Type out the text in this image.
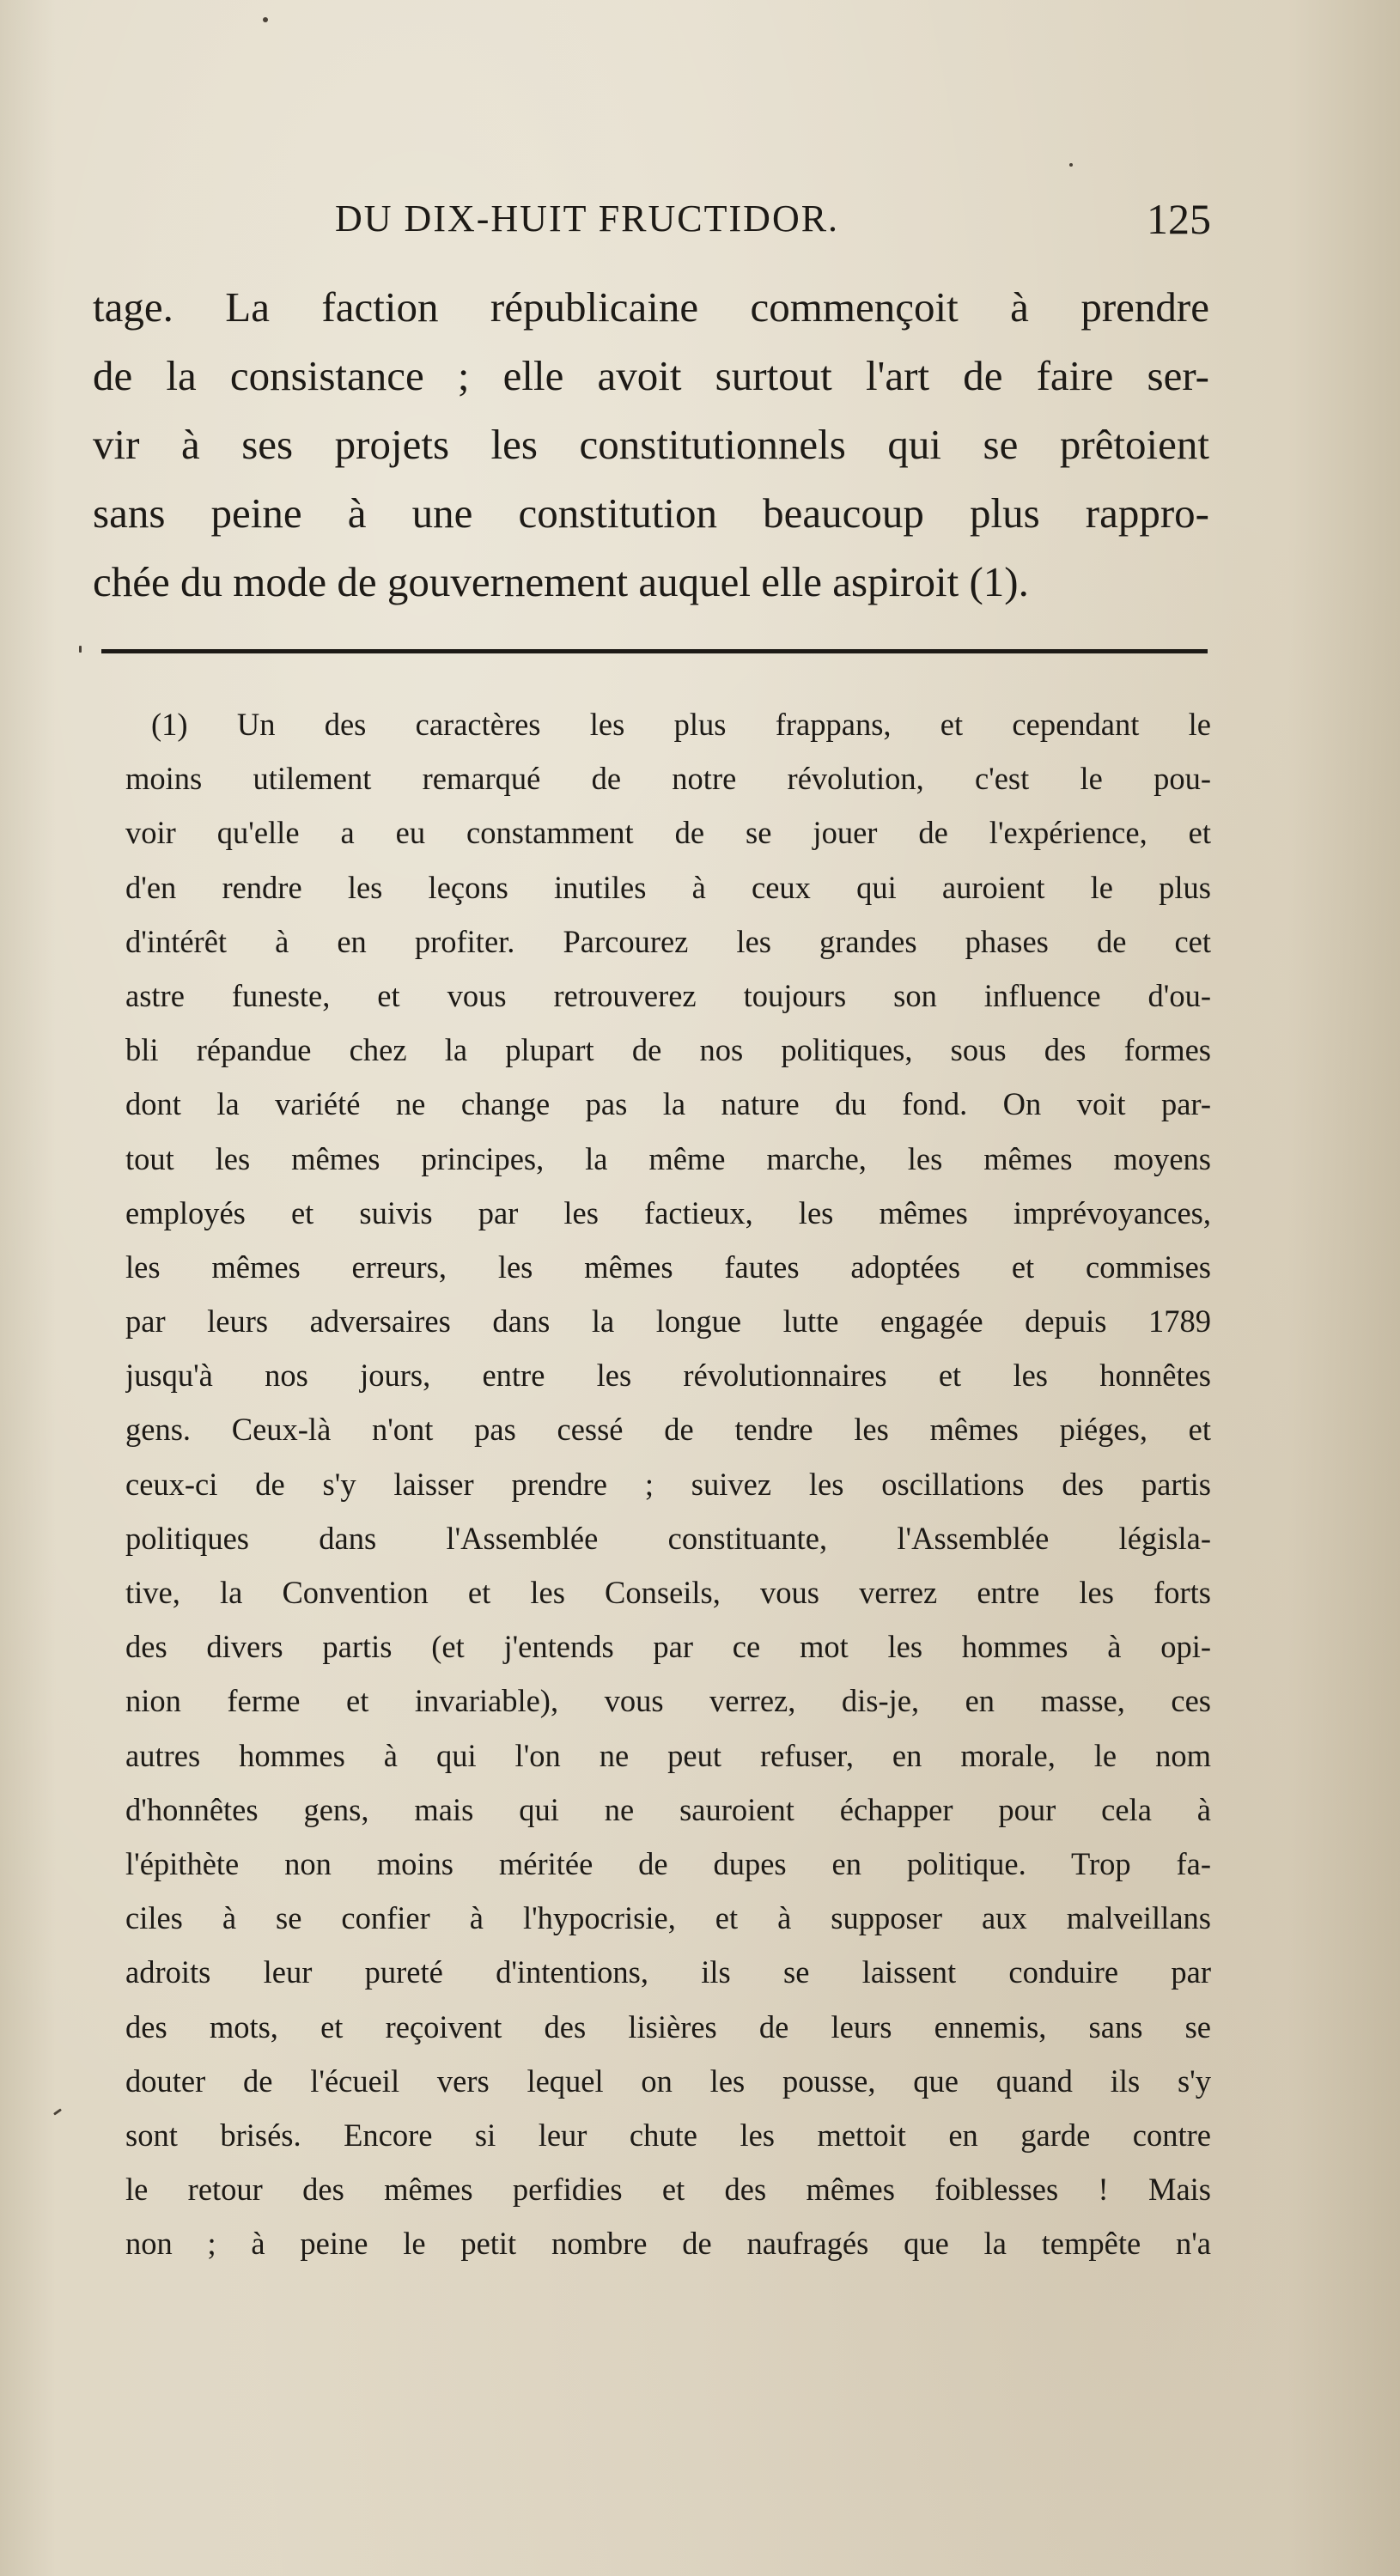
DU DIX-HUIT FRUCTIDOR.	125
tage. La faction républicaine commençoit à prendre
de la consistance ; elle avoit surtout l'art de faire ser-
vir à ses projets les constitutionnels qui se prêtoient
sans peine à une constitution beaucoup plus rappro-
chée du mode de gouvernement auquel elle aspiroit (1).
(1) Un des caractères les plus frappans, et cependant le
moins utilement remarqué de notre révolution, c'est le pou-
voir qu'elle a eu constamment de se jouer de l'expérience, et
d'en rendre les leçons inutiles à ceux qui auroient le plus
d'intérêt à en profiter. Parcourez les grandes phases de cet
astre funeste, et vous retrouverez toujours son influence d'ou-
bli répandue chez la plupart de nos politiques, sous des formes
dont la variété ne change pas la nature du fond. On voit par-
tout les mêmes principes, la même marche, les mêmes moyens
employés et suivis par les factieux, les mêmes imprévoyances,
les mêmes erreurs, les mêmes fautes adoptées et commises
par leurs adversaires dans la longue lutte engagée depuis 1789
jusqu'à nos jours, entre les révolutionnaires et les honnêtes
gens. Ceux-là n'ont pas cessé de tendre les mêmes piéges, et
ceux-ci de s'y laisser prendre ; suivez les oscillations des partis
politiques dans l'Assemblée constituante, l'Assemblée législa-
tive, la Convention et les Conseils, vous verrez entre les forts
des divers partis (et j'entends par ce mot les hommes à opi-
nion ferme et invariable), vous verrez, dis-je, en masse, ces
autres hommes à qui l'on ne peut refuser, en morale, le nom
d'honnêtes gens, mais qui ne sauroient échapper pour cela à
l'épithète non moins méritée de dupes en politique. Trop fa-
ciles à se confier à l'hypocrisie, et à supposer aux malveillans
adroits leur pureté d'intentions, ils se laissent conduire par
des mots, et reçoivent des lisières de leurs ennemis, sans se
douter de l'écueil vers lequel on les pousse, que quand ils s'y
sont brisés. Encore si leur chute les mettoit en garde contre
le retour des mêmes perfidies et des mêmes foiblesses ! Mais
non ; à peine le petit nombre de naufragés que la tempête n'a
